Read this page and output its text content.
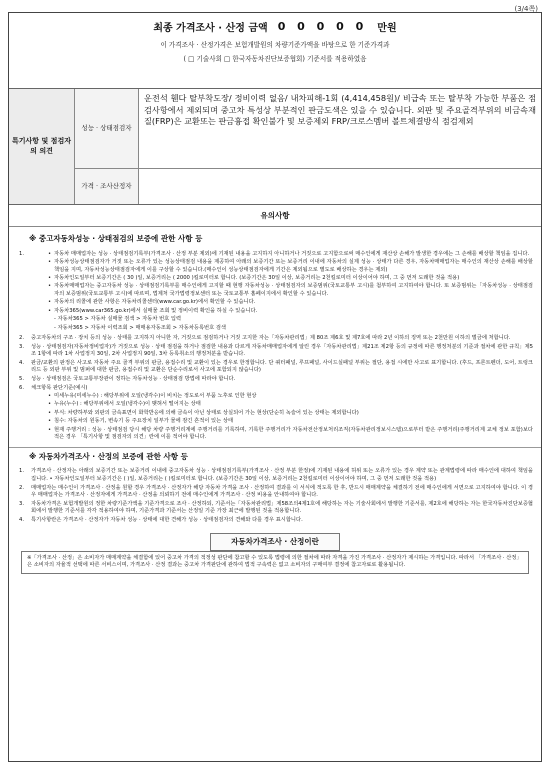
(3/4쪽)
최종 가격조사 · 산정 금액 0 0 0 0 0 만원
이 가격조사 · 산정가격은 보험개발원의 차량기준가액을 바탕으로 한 기준가격과
( □ 기술사회 □ 한국자동차진단보증협회) 기준서를 적용하였음
특기사항 및 점검자의 의견
성능 · 상태점검자
운전석 휀다 탈부착도장/ 정비이력 없음/ 내차피해-1회 (4,414,458원)/ 비급속 또는 탈부착 가능한 부품은 점검사항에서 제외되며 중고차 특성상 부분적인 판금도색은 있을 수 있습니다. 외판 및 주요골격부위의 비금속재질(FRP)은 교환또는 판금흉접 확인불가 및 보증제외 FRP/크로스멤버 볼트체결방식 점검제외
가격 · 조사산정자
유의사항
※ 중고자동차성능 · 상태점검의 보증에 관한 사항 등
1.	• 자동차 매매업자는 성능 · 상태점검기록부(가격조사 · 산정 부분 제외)에 기재된 내용을 고지하지 아니하거나 거짓으로 고지함으로써 매수인에게 재산상 손해가 발생한 경우에는 그 손해를 배상할 책임을 집니다.
• 자동차성능상태점검자가 거짓 또는 오류가 있는 성능상태점검 내용을 제공하여 아래의 보증기간 또는 보증거리 이내에 자동차의 실제 성능 · 상태가 다른 경우, 자동차매매업자는 매수인의 재산상 손해를 배상할 책임을 지며, 자동차성능상태점검자에게 이를 구상할 수 있습니다.(매수인이 성능상태점검자에게 기간은 제외됨으로 별도로 배상하는 경우는 제외)
• 자동차인도일부터 보증기간은 ( 30 )일, 보증거리는 ( 2000 )킬로미터로 합니다. (보증기간은 30일 이상, 보증거리는 2천킬로미터 이상이어야 하며, 그 중 먼저 도래한 것을 적용)
• 자동차매매업자는 중고자동차 성능 · 상태점검기록부를 매수인에게 고지할 때 현행 자동차성능 · 상태점검자의 보증범위(국토교통부 고시)를 첨부하여 고지하여야 합니다. 또 보증범위는「자동차성능 · 상태점검자의 보증범위(국토교통부 고시)에 따르며, 법제처 국가법령정보센터 또는 국토교통부 홈페이지에서 확인할 수 있습니다.
• 자동차의 리콜에 관한 사항은 자동차리콜센터(www.car.go.kr)에서 확인할 수 있습니다.
• 자동차365(www.car365.go.kr)에서 실매물 조회 및 정비이력 확인을 하실 수 있습니다.
- 자동차365 > 자동차 실매물 검색 > 자동차 번호 입력
- 자동차365 > 자동차 이력조회 > 매매용자동조회 > 자동차등록번호 검색
2.	중고자동차의 구조 · 장치 등의 성능 · 상태를 고지하지 아니한 자, 거짓으로 점검하거나 거짓 고지한 자는「자동차관리법」제 80조 제6호 및 제7호에 따라 2년 이하의 징역 또는 2천만원 이하의 벌금에 처합니다.
3.	성능 · 상태점검자(자동차정비업자)가 거짓으로 성능 · 상태 점검을 하거나 점검한 내용과 다르게 자동차매매업자에게 알린 경우「자동차관리법」제21조 제2항 등의 규정에 따른 행정처분의 기준과 절차에 관한 규칙」제5조 1항에 따라 1차 사업정지 30일, 2차 사업정지 90일, 3차 등록취소의 행정처분을 받습니다.
4.	판금/교환의 판정은 사고로 자동차 주요 골격 부위의 판금, 용접수리 및 교환이 있는 경우로 한정합니다. 단 쿼터패널, 루프패널, 사이드실패널 부위는 절단, 용접 시에만 사고로 표기합니다. (후드, 프론트펜더, 도어, 트렁크리드 등 외판 부위 및 범퍼에 대한 판금, 용접수리 및 교환은 단순수리로서 사고에 포함되지 않습니다)
5.	성능 · 상태점검은 국토교통부장관이 정하는 자동차성능 · 상태점검 방법에 따라야 합니다.
6.	체크항목 판단기준(예시)
• 미세누유(미세누수) : 해당부위에 오일(냉각수)이 비치는 정도로서 부품 노후로 인한 현상
• 누유(누수) : 해당부위에서 오일(냉각수)이 맺혀서 떨어지는 상태
• 부식: 차량하부와 외판의 금속표면이 화학반응에 의해 금속이 아닌 상태로 상실되어 가는 현상(단순히 녹슬어 있는 상태는 제외합니다)
• 침수: 자동차의 원동기, 변속기 등 주요장치 일부가 물에 잠긴 흔적이 있는 상태
• 현재 주행거리 : 성능 · 상태점검 당시 해당 차량 주행거리계에 주행거리를 기록하며, 기록한 주행거리가 자동차전산정보처리조직(자동차관리정보시스템)으로부터 받은 주행거리(주행거리계 교체 정보 포함)보다 적은 경우 「특기사항 및 점검자의 의견」란에 이를 적어야 합니다.
※ 자동차가격조사 · 산정의 보증에 관한 사항 등
1.	가격조사 · 산정자는 아래의 보증기간 또는 보증거리 이내에 중고자동차 성능 · 상태점검기록부(가격조사 · 산정 부분 한정)에 기재된 내용에 허위 또는 오류가 있는 경우 계약 또는 관계법령에 따라 매수인에 대하여 책임을 집니다. • 자동차인도일부터 보증기간은 ( )일, 보증거리는 ( )킬로미터로 합니다. (보증기간은 30일 이상, 보증거리는 2천킬로미터 이상이어야 하며, 그 중 먼저 도래한 것을 적용)
2.	매매업자는 매수인이 가격조사 · 산정을 원할 경우 가격조사 · 산정자가 해당 자동차 가격을 조사 · 산정하여 결과를 이 서식에 적도록 한 후, 반드시 매매계약을 체결하기 전에 매수인에게 서면으로 고지하여야 합니다. 이 경우 매매업자는 가격조사 · 산정자에게 가격조사 · 산정을 의뢰하기 전에 매수인에게 가격조사 · 산정 비용을 안내하여야 합니다.
3.	자동차가격은 보험개발원의 정한 차량기준가액을 기준가격으로 조사 · 산정하되, 기준서는「자동차관리법」제58조의4제1호에 해당하는 자는 기술사회에서 발행한 기준서를, 제2호에 해당하는 자는 한국자동차진단보증협회에서 발행한 기준서를 각각 적용하여야 하며, 기준가격과 기준서는 산정일 기준 가장 최근에 발행된 것을 적용합니다.
4.	특기사항란은 가격조사 · 산정자가 자동차 성능 · 상태에 대한 견해가 성능 · 상태점검자의 견해와 다를 경우 표시합니다.
자동차가격조사 · 산정이란
※「가격조사 · 산정」은 소비자가 매매계약을 체결함에 있어 중고차 가격의 적정성 판단에 참고할 수 있도록 법령에 의한 절차에 따라 자격을 가진 가격조사 · 산정자가 제시하는 가격입니다. 따라서 「가격조사 · 산정」은 소비자의 자율적 선택에 따른 서비스이며, 가격조사 · 산정 결과는 중고차 가격판단에 관하여 법적 구속력은 없고 소비자의 구매여부 결정에 참고자료로 활용됩니다.
